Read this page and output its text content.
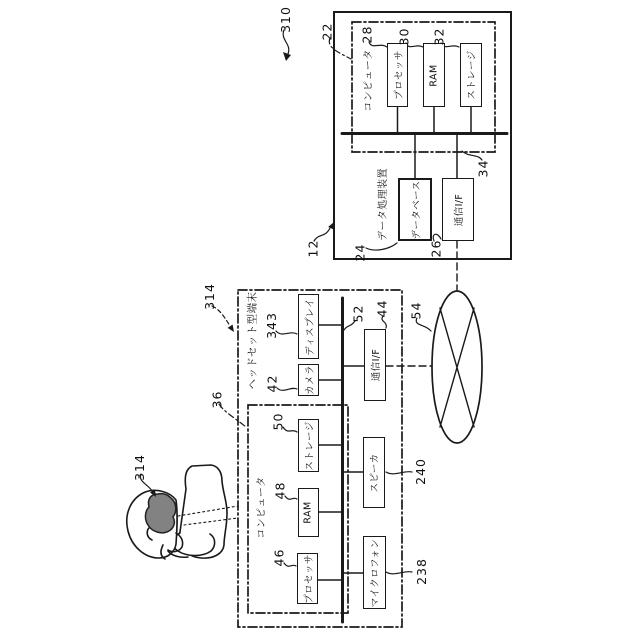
プロセッサ	RAM	ストレージ
データベース	通信I/F
ディスプレイ
カメラ
ストレージ
RAM
プロセッサ
通信I/F
スピーカ
マイクロフォン
データ処理装置
コンピュータ
ヘッドセット型端末
コンピュータ
310 22 28 30 32
34
12	24	26
314
343
42
52 44 54
36
50
48
46
240
238
314
